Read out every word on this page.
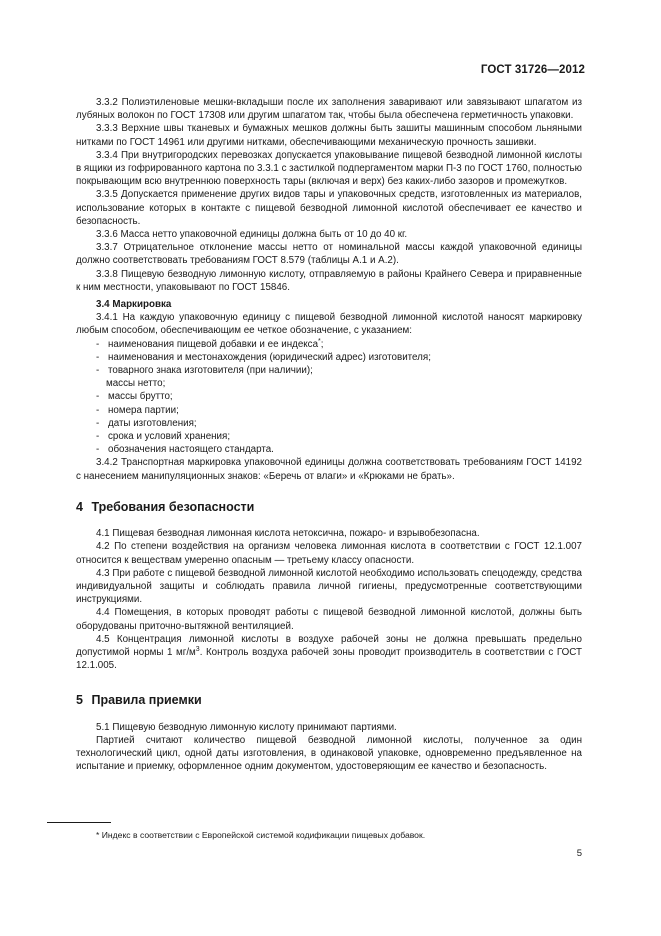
ГОСТ 31726—2012

3.3.2 Полиэтиленовые мешки-вкладыши после их заполнения заваривают или завязывают шпагатом из лубяных волокон по ГОСТ 17308 или другим шпагатом так, чтобы была обеспечена герметичность упаковки.

3.3.3 Верхние швы тканевых и бумажных мешков должны быть зашиты машинным способом льняными нитками по ГОСТ 14961 или другими нитками, обеспечивающими механическую прочность зашивки.

3.3.4 При внутригородских перевозках допускается упаковывание пищевой безводной лимонной кислоты в ящики из гофрированного картона по 3.3.1 с застилкой подпергаментом марки П-3 по ГОСТ 1760, полностью покрывающим всю внутреннюю поверхность тары (включая и верх) без каких-либо зазоров и промежутков.

3.3.5 Допускается применение других видов тары и упаковочных средств, изготовленных из материалов, использование которых в контакте с пищевой безводной лимонной кислотой обеспечивает ее качество и безопасность.

3.3.6 Масса нетто упаковочной единицы должна быть от 10 до 40 кг.

3.3.7 Отрицательное отклонение массы нетто от номинальной массы каждой упаковочной единицы должно соответствовать требованиям ГОСТ 8.579 (таблицы А.1 и А.2).

3.3.8 Пищевую безводную лимонную кислоту, отправляемую в районы Крайнего Севера и приравненные к ним местности, упаковывают по ГОСТ 15846.

3.4 Маркировка

3.4.1 На каждую упаковочную единицу с пищевой безводной лимонной кислотой наносят маркировку любым способом, обеспечивающим ее четкое обозначение, с указанием:

- наименования пищевой добавки и ее индекса*;

- наименования и местонахождения (юридический адрес) изготовителя;

- товарного знака изготовителя (при наличии);

массы нетто;

- массы брутто;

- номера партии;

- даты изготовления;

- срока и условий хранения;

- обозначения настоящего стандарта.

3.4.2 Транспортная маркировка упаковочной единицы должна соответствовать требованиям ГОСТ 14192 с нанесением манипуляционных знаков: «Беречь от влаги» и «Крюками не брать».

4 Требования безопасности

4.1 Пищевая безводная лимонная кислота нетоксична, пожаро- и взрывобезопасна.

4.2 По степени воздействия на организм человека лимонная кислота в соответствии с ГОСТ 12.1.007 относится к веществам умеренно опасным — третьему классу опасности.

4.3 При работе с пищевой безводной лимонной кислотой необходимо использовать спецодежду, средства индивидуальной защиты и соблюдать правила личной гигиены, предусмотренные соответствующими инструкциями.

4.4 Помещения, в которых проводят работы с пищевой безводной лимонной кислотой, должны быть оборудованы приточно-вытяжной вентиляцией.

4.5 Концентрация лимонной кислоты в воздухе рабочей зоны не должна превышать предельно допустимой нормы 1 $мг/м^3$. Контроль воздуха рабочей зоны проводит производитель в соответствии с ГОСТ 12.1.005.

5 Правила приемки

5.1 Пищевую безводную лимонную кислоту принимают партиями.

Партией считают количество пищевой безводной лимонной кислоты, полученное за один технологический цикл, одной даты изготовления, в одинаковой упаковке, одновременно предъявленное на испытание и приемку, оформленное одним документом, удостоверяющим ее качество и безопасность.

* Индекс в соответствии с Европейской системой кодификации пищевых добавок.
5
